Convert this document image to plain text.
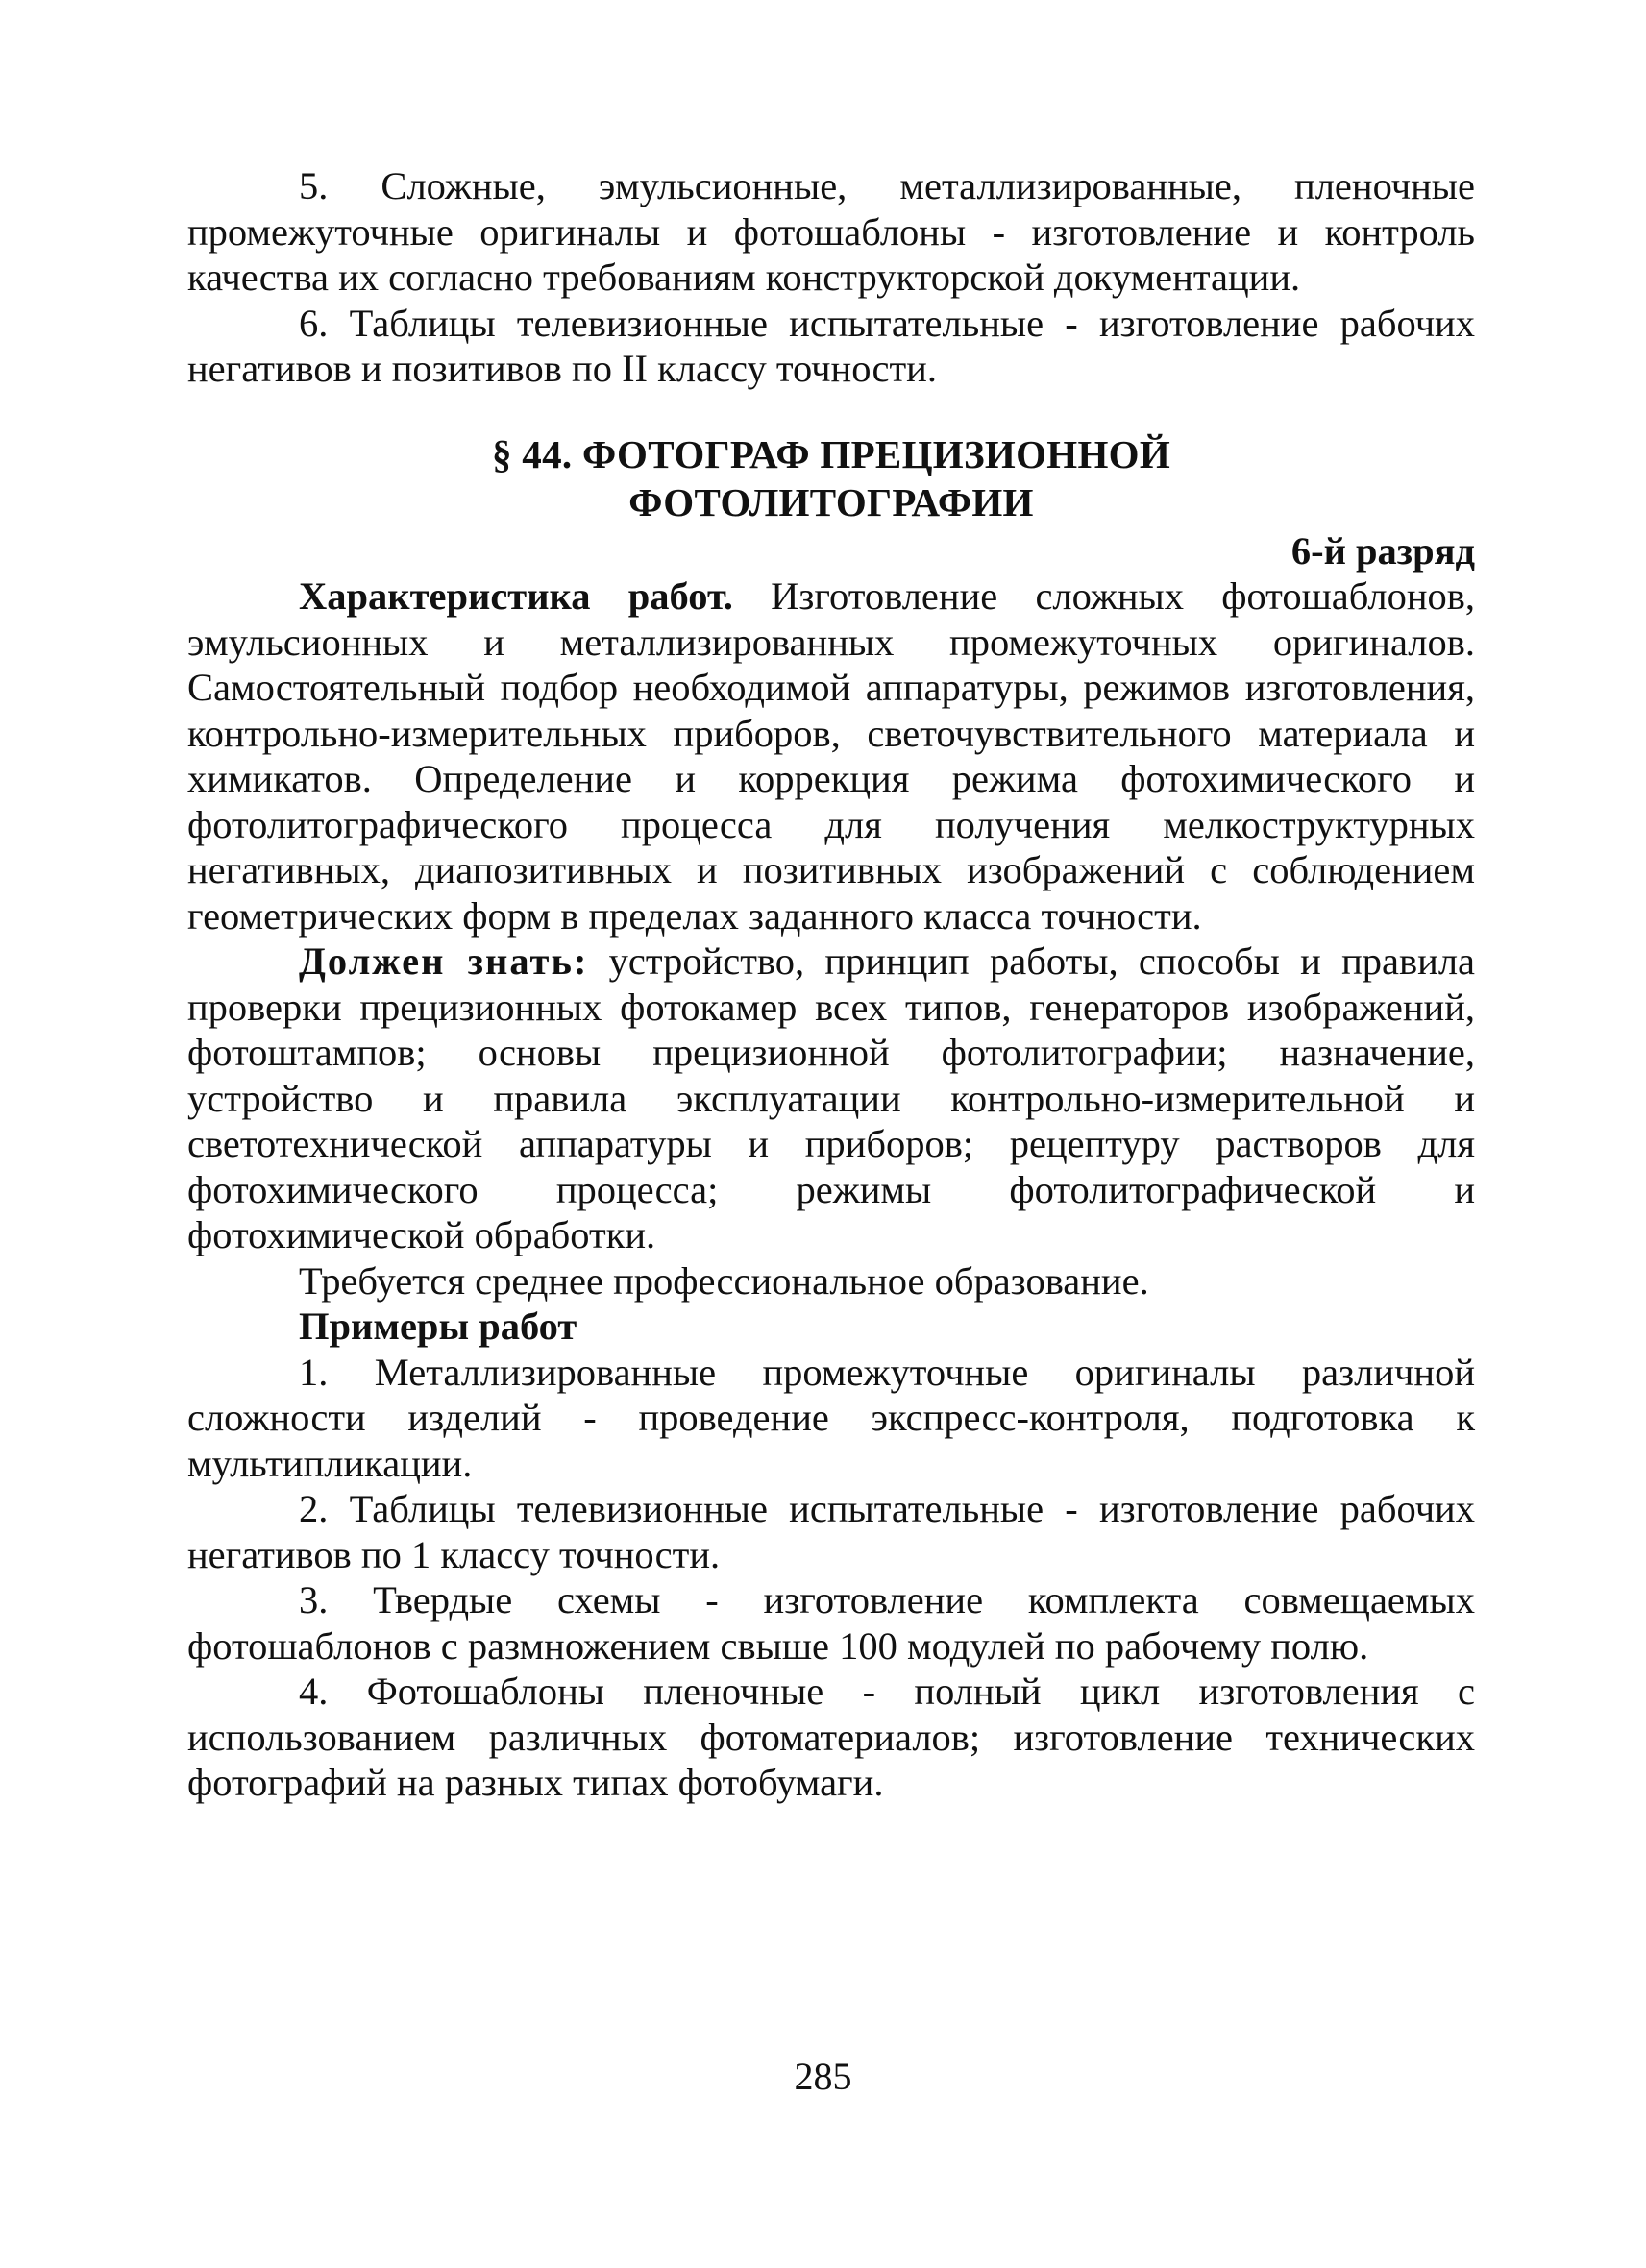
5. Сложные, эмульсионные, металлизированные, пленочные промежуточные оригиналы и фотошаблоны - изготовление и контроль качества их согласно требованиям конструкторской документации.

6. Таблицы телевизионные испытательные - изготовление рабочих негативов и позитивов по II классу точности.

§ 44. ФОТОГРАФ ПРЕЦИЗИОННОЙ
ФОТОЛИТОГРАФИИ
6-й разряд

Характеристика работ. Изготовление сложных фотошаблонов, эмульсионных и металлизированных промежуточных оригиналов. Самостоятельный подбор необходимой аппаратуры, режимов изготовления, контрольно-измерительных приборов, светочувствительного материала и химикатов. Определение и коррекция режима фотохимического и фотолитографического процесса для получения мелкоструктурных негативных, диапозитивных и позитивных изображений с соблюдением геометрических форм в пределах заданного класса точности.

Должен знать: устройство, принцип работы, способы и правила проверки прецизионных фотокамер всех типов, генераторов изображений, фотоштампов; основы прецизионной фотолитографии; назначение, устройство и правила эксплуатации контрольно-измерительной и светотехнической аппаратуры и приборов; рецептуру растворов для фотохимического процесса; режимы фотолитографической и фотохимической обработки.

Требуется среднее профессиональное образование.

Примеры работ

1. Металлизированные промежуточные оригиналы различной сложности изделий - проведение экспресс-контроля, подготовка к мультипликации.

2. Таблицы телевизионные испытательные - изготовление рабочих негативов по 1 классу точности.

3. Твердые схемы - изготовление комплекта совмещаемых фотошаблонов с размножением свыше 100 модулей по рабочему полю.

4. Фотошаблоны пленочные - полный цикл изготовления с использованием различных фотоматериалов; изготовление технических фотографий на разных типах фотобумаги.

285
